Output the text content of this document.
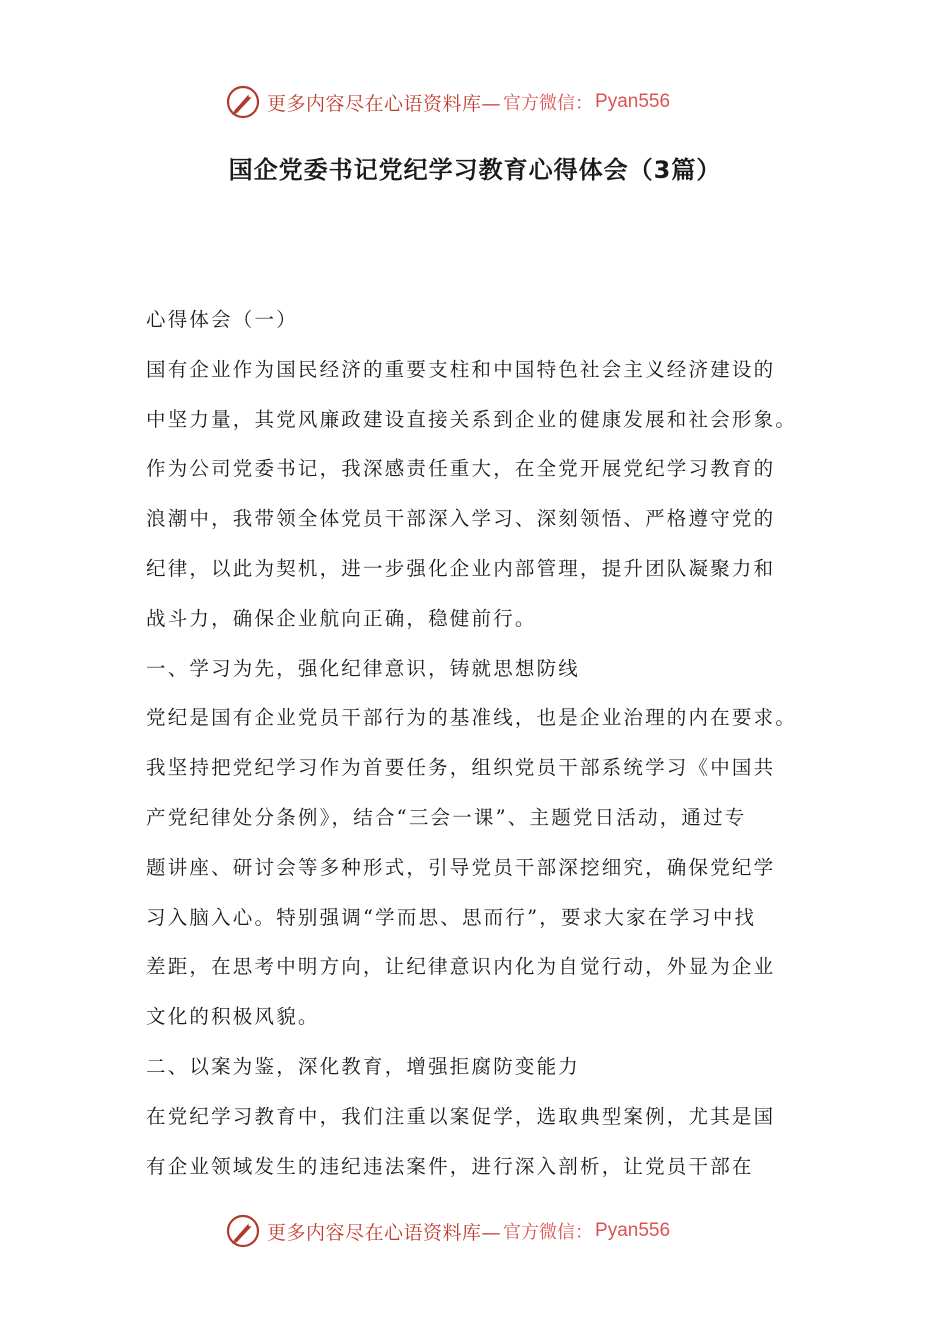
更多内容尽在心语资料库— 官方微信： Pyan556
国企党委书记党纪学习教育心得体会（3篇）

心得体会（一）

国有企业作为国民经济的重要支柱和中国特色社会主义经济建设的

中坚力量，其党风廉政建设直接关系到企业的健康发展和社会形象。

作为公司党委书记，我深感责任重大，在全党开展党纪学习教育的

浪潮中，我带领全体党员干部深入学习、深刻领悟、严格遵守党的

纪律，以此为契机，进一步强化企业内部管理，提升团队凝聚力和

战斗力，确保企业航向正确，稳健前行。

一、学习为先，强化纪律意识，铸就思想防线

党纪是国有企业党员干部行为的基准线，也是企业治理的内在要求。

我坚持把党纪学习作为首要任务，组织党员干部系统学习《中国共

产党纪律处分条例》，结合“三会一课”、主题党日活动，通过专

题讲座、研讨会等多种形式，引导党员干部深挖细究，确保党纪学

习入脑入心。特别强调“学而思、思而行”，要求大家在学习中找

差距，在思考中明方向，让纪律意识内化为自觉行动，外显为企业

文化的积极风貌。

二、以案为鉴，深化教育，增强拒腐防变能力

在党纪学习教育中，我们注重以案促学，选取典型案例，尤其是国

有企业领域发生的违纪违法案件，进行深入剖析，让党员干部在

更多内容尽在心语资料库— 官方微信： Pyan556
